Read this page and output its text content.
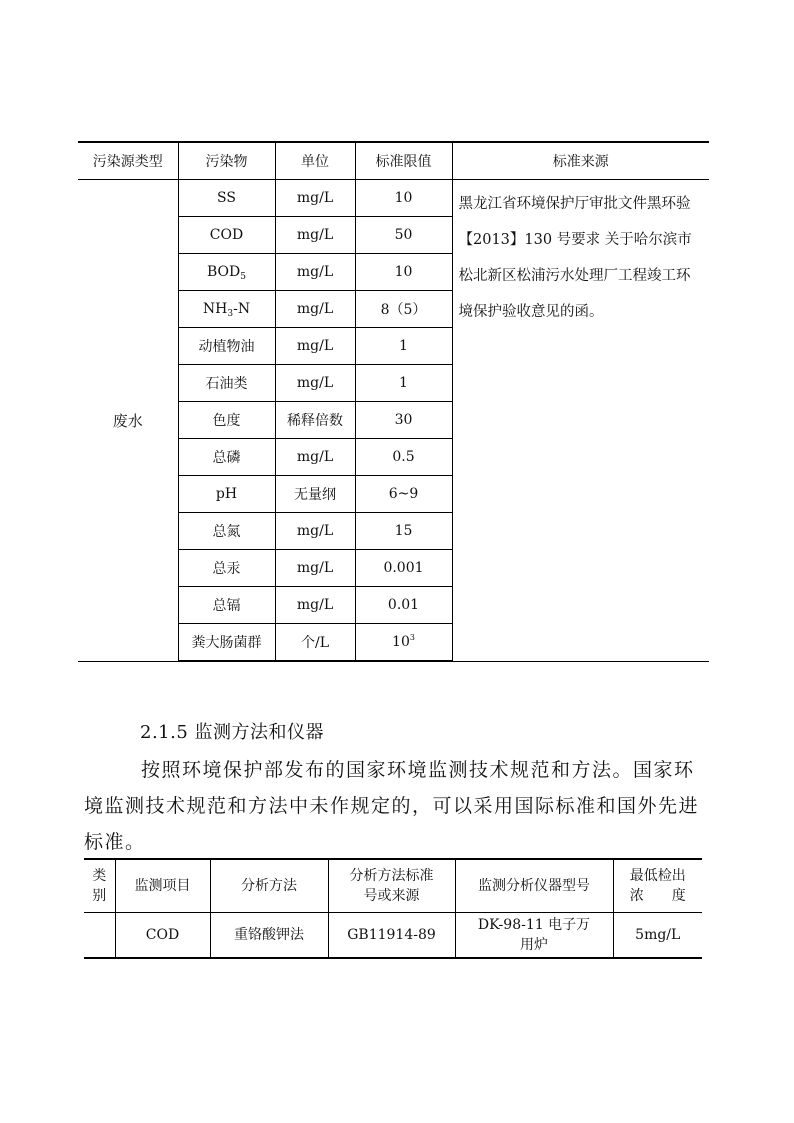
污染源类型	污染物	单位	标准限值	标准来源
废水	SS	mg/L	10	黑龙江省环境保护厅审批文件黑环验【2013】130 号要求 关于哈尔滨市松北新区松浦污水处理厂工程竣工环境保护验收意见的函。
	COD	mg/L	50	
	$BOD_5$	mg/L	10	
	$NH_3-N$	mg/L	8（5）	
	动植物油	mg/L	1	
	石油类	mg/L	1	
	色度	稀释倍数	30	
	总磷	mg/L	0.5	
	pH	无量纲	6~9	
	总氮	mg/L	15	
	总汞	mg/L	0.001	
	总镉	mg/L	0.01	
	粪大肠菌群	个/L	$10^3$
2.1.5 监测方法和仪器

按照环境保护部发布的国家环境监测技术规范和方法。国家环境监测技术规范和方法中未作规定的，可以采用国际标准和国外先进标准。

类别	监测项目	分析方法	分析方法标准号或来源	监测分析仪器型号	最低检出
浓　　度
	COD	重铬酸钾法	GB11914-89	DK-98-11 电子万用炉	5mg/L
